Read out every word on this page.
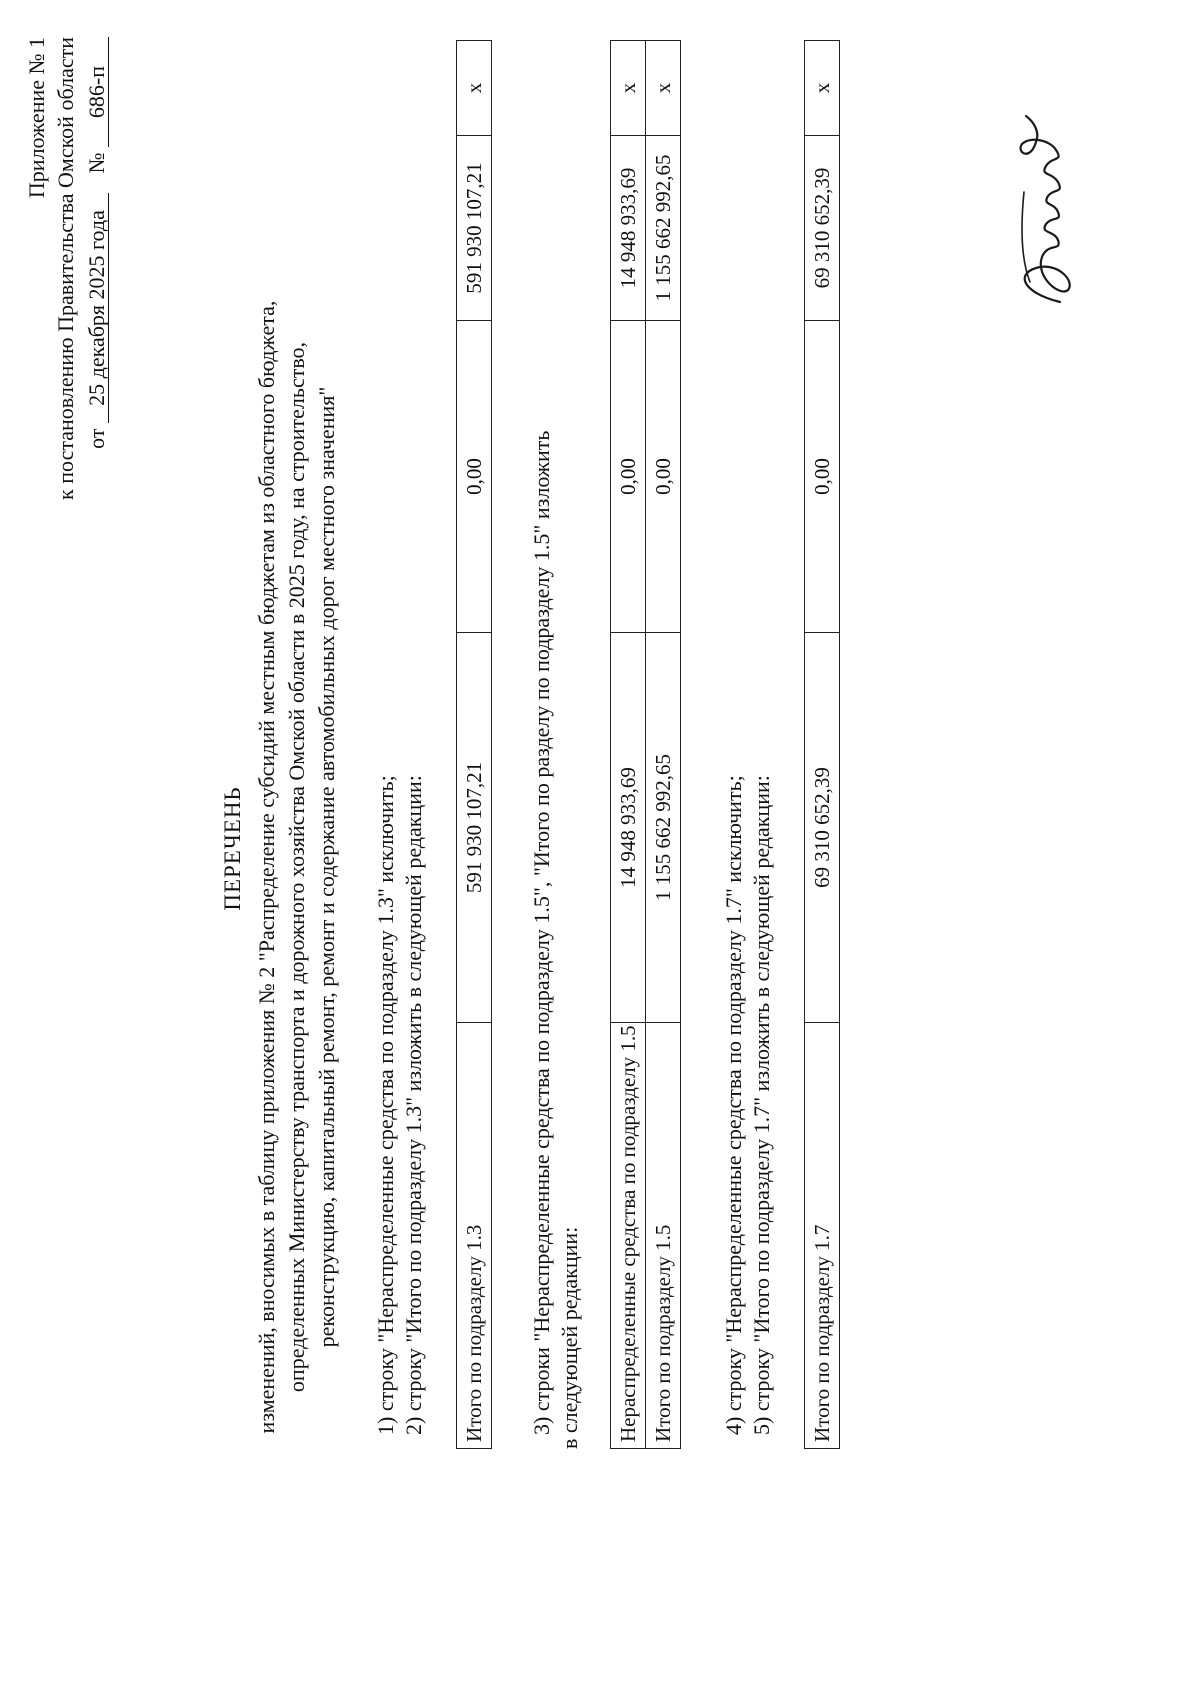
Приложение № 1 к постановлению Правительства Омской области от 25 декабря 2025 года № 686-п
ПЕРЕЧЕНЬ изменений, вносимых в таблицу приложения № 2 "Распределение субсидий местным бюджетам из областного бюджета, определенных Министерству транспорта и дорожного хозяйства Омской области в 2025 году, на строительство, реконструкцию, капитальный ремонт, ремонт и содержание автомобильных дорог местного значения" 1) строку "Нераспределенные средства по подразделу 1.3" исключить; 2) строку "Итого по подразделу 1.3" изложить в следующей редакции: Итого по подразделу 1.3	591 930 107,21	0,00	591 930 107,21	х
3) строки "Нераспределенные средства по подразделу 1.5", "Итого по разделу по подразделу 1.5" изложить в следующей редакции: Нераспределенные средства по подразделу 1.5	14 948 933,69	0,00	14 948 933,69	х
Итого по подразделу 1.5	1 155 662 992,65	0,00	1 155 662 992,65	х
4) строку "Нераспределенные средства по подразделу 1.7" исключить; 5) строку "Итого по подразделу 1.7" изложить в следующей редакции: Итого по подразделу 1.7	69 310 652,39	0,00	69 310 652,39	х
